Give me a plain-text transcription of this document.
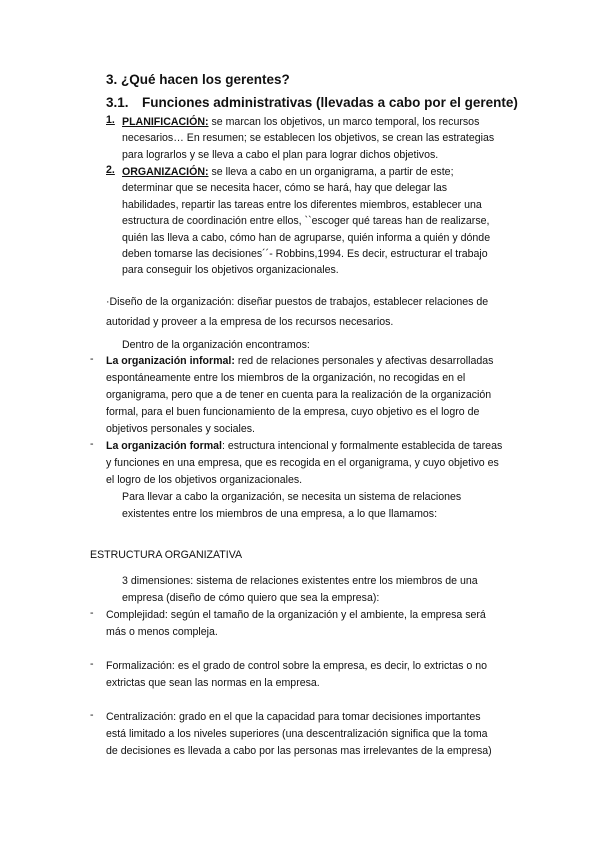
3. ¿Qué hacen los gerentes?
3.1. Funciones administrativas (llevadas a cabo por el gerente)
1. PLANIFICACIÓN: se marcan los objetivos, un marco temporal, los recursos
necesarios… En resumen; se establecen los objetivos, se crean las estrategias
para lograrlos y se lleva a cabo el plan para lograr dichos objetivos.
2. ORGANIZACIÓN: se lleva a cabo en un organigrama, a partir de este;
determinar que se necesita hacer, cómo se hará, hay que delegar las
habilidades, repartir las tareas entre los diferentes miembros, establecer una
estructura de coordinación entre ellos, ``escoger qué tareas han de realizarse,
quién las lleva a cabo, cómo han de agruparse, quién informa a quién y dónde
deben tomarse las decisiones´´- Robbins,1994. Es decir, estructurar el trabajo
para conseguir los objetivos organizacionales.
·Diseño de la organización: diseñar puestos de trabajos, establecer relaciones de
autoridad y proveer a la empresa de los recursos necesarios.
Dentro de la organización encontramos:
- La organización informal: red de relaciones personales y afectivas desarrolladas
espontáneamente entre los miembros de la organización, no recogidas en el
organigrama, pero que a de tener en cuenta para la realización de la organización
formal, para el buen funcionamiento de la empresa, cuyo objetivo es el logro de
objetivos personales y sociales.
- La organización formal: estructura intencional y formalmente establecida de tareas
y funciones en una empresa, que es recogida en el organigrama, y cuyo objetivo es
el logro de los objetivos organizacionales.
Para llevar a cabo la organización, se necesita un sistema de relaciones
existentes entre los miembros de una empresa, a lo que llamamos:
ESTRUCTURA ORGANIZATIVA
3 dimensiones: sistema de relaciones existentes entre los miembros de una
empresa (diseño de cómo quiero que sea la empresa):
- Complejidad: según el tamaño de la organización y el ambiente, la empresa será
más o menos compleja.
- Formalización: es el grado de control sobre la empresa, es decir, lo extrictas o no
extrictas que sean las normas en la empresa.
- Centralización: grado en el que la capacidad para tomar decisiones importantes
está limitado a los niveles superiores (una descentralización significa que la toma
de decisiones es llevada a cabo por las personas mas irrelevantes de la empresa)
